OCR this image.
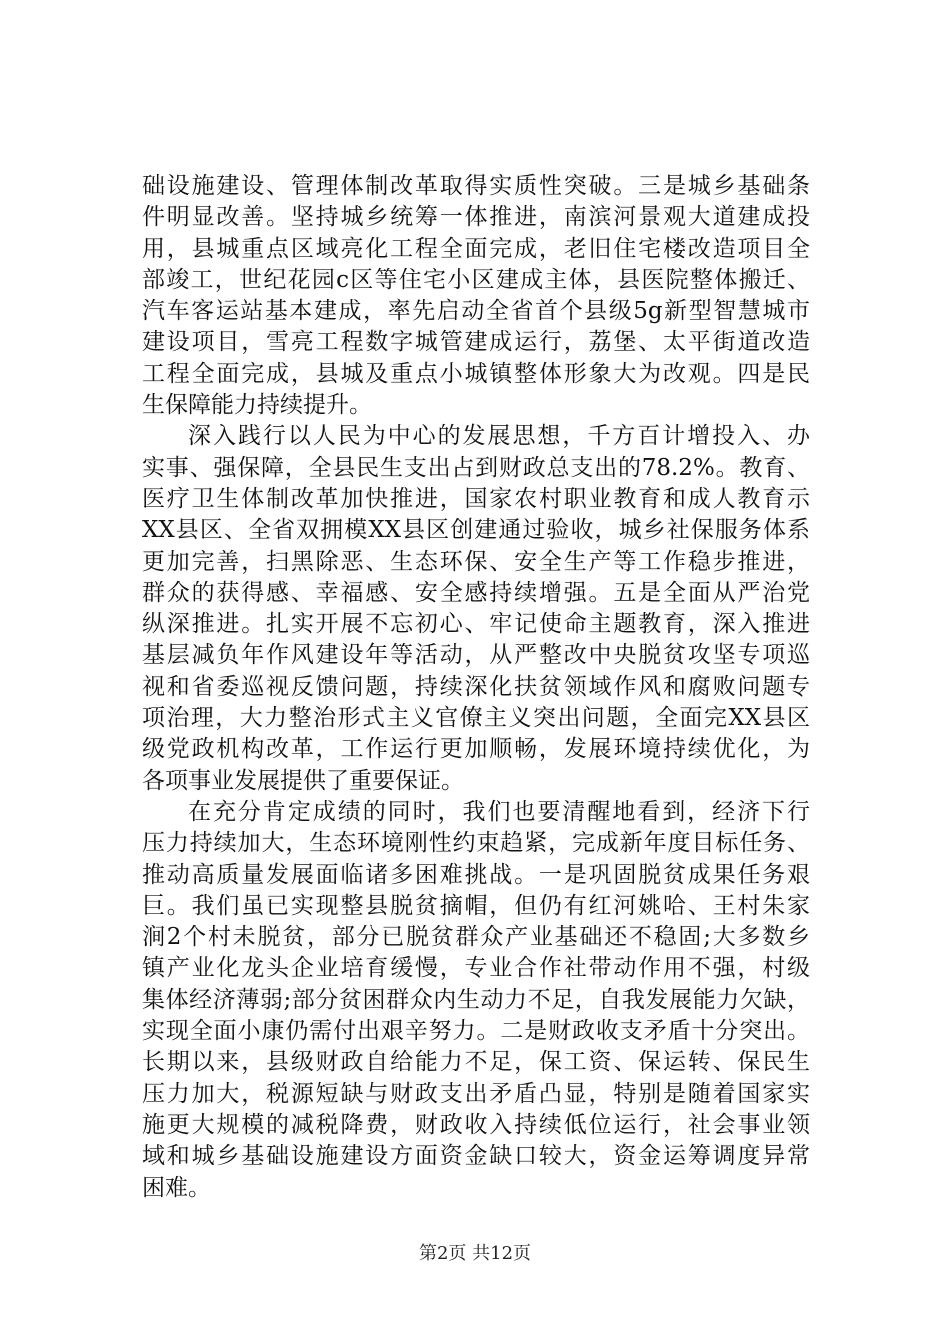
础设施建设、管理体制改革取得实质性突破。三是城乡基础条
件明显改善。坚持城乡统筹一体推进，南滨河景观大道建成投
用，县城重点区域亮化工程全面完成，老旧住宅楼改造项目全
部竣工，世纪花园c区等住宅小区建成主体，县医院整体搬迁、
汽车客运站基本建成，率先启动全省首个县级5g新型智慧城市
建设项目，雪亮工程数字城管建成运行，荔堡、太平街道改造
工程全面完成，县城及重点小城镇整体形象大为改观。四是民
生保障能力持续提升。
深入践行以人民为中心的发展思想，千方百计增投入、办
实事、强保障，全县民生支出占到财政总支出的78.2%。教育、
医疗卫生体制改革加快推进，国家农村职业教育和成人教育示
XX县区、全省双拥模XX县区创建通过验收，城乡社保服务体系
更加完善，扫黑除恶、生态环保、安全生产等工作稳步推进，
群众的获得感、幸福感、安全感持续增强。五是全面从严治党
纵深推进。扎实开展不忘初心、牢记使命主题教育，深入推进
基层减负年作风建设年等活动，从严整改中央脱贫攻坚专项巡
视和省委巡视反馈问题，持续深化扶贫领域作风和腐败问题专
项治理，大力整治形式主义官僚主义突出问题，全面完XX县区
级党政机构改革，工作运行更加顺畅，发展环境持续优化，为
各项事业发展提供了重要保证。
在充分肯定成绩的同时，我们也要清醒地看到，经济下行
压力持续加大，生态环境刚性约束趋紧，完成新年度目标任务、
推动高质量发展面临诸多困难挑战。一是巩固脱贫成果任务艰
巨。我们虽已实现整县脱贫摘帽，但仍有红河姚哈、王村朱家
涧2个村未脱贫，部分已脱贫群众产业基础还不稳固;大多数乡
镇产业化龙头企业培育缓慢，专业合作社带动作用不强，村级
集体经济薄弱;部分贫困群众内生动力不足，自我发展能力欠缺，
实现全面小康仍需付出艰辛努力。二是财政收支矛盾十分突出。
长期以来，县级财政自给能力不足，保工资、保运转、保民生
压力加大，税源短缺与财政支出矛盾凸显，特别是随着国家实
施更大规模的减税降费，财政收入持续低位运行，社会事业领
域和城乡基础设施建设方面资金缺口较大，资金运筹调度异常
困难。
第2页 共12页
